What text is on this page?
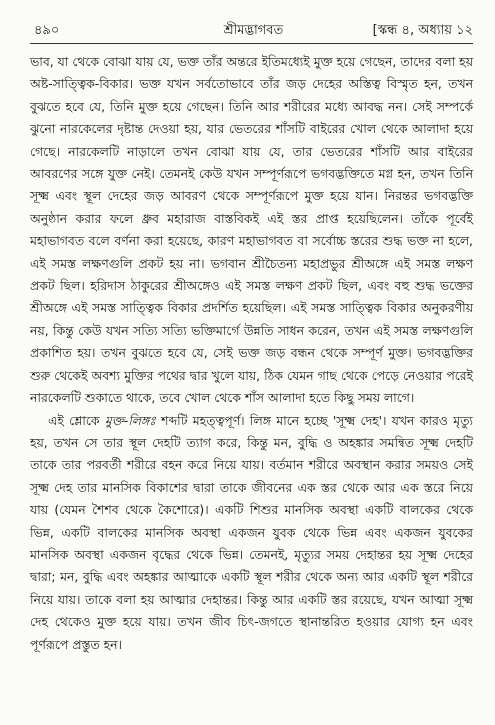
৪৯০	শ্রীমদ্ভাগবত	[স্কন্ধ ৪, অধ্যায় ১২

ভাব, যা থেকে বোঝা যায় যে, ভক্ত তাঁর অন্তরে ইতিমধ্যেই মুক্ত হয়ে গেছেন, তাদের বলা হয় অষ্ট-সাত্ত্বিক-বিকার। ভক্ত যখন সর্বতোভাবে তাঁর জড় দেহের অস্তিত্ব বিস্মৃত হন, তখন বুঝতে হবে যে, তিনি মুক্ত হয়ে গেছেন। তিনি আর শরীরের মধ্যে আবদ্ধ নন। সেই সম্পর্কে ঝুনো নারকেলের দৃষ্টান্ত দেওয়া হয়, যার ভেতরের শাঁসটি বাইরের খোল থেকে আলাদা হয়ে গেছে। নারকেলটি নাড়ালে তখন বোঝা যায় যে, তার ভেতরের শাঁসটি আর বাইরের আবরণের সঙ্গে যুক্ত নেই। তেমনই কেউ যখন সম্পূর্ণরূপে ভগবদ্ভক্তিতে মগ্ন হন, তখন তিনি সূক্ষ্ম এবং স্থূল দেহের জড় আবরণ থেকে সম্পূর্ণরূপে মুক্ত হয়ে যান। নিরন্তর ভগবদ্ভক্তি অনুষ্ঠান করার ফলে ধ্রুব মহারাজ বাস্তবিকই এই স্তর প্রাপ্ত হয়েছিলেন। তাঁকে পূর্বেই মহাভাগবত বলে বর্ণনা করা হয়েছে, কারণ মহাভাগবত বা সর্বোচ্চ স্তরের শুদ্ধ ভক্ত না হলে, এই সমস্ত লক্ষণগুলি প্রকট হয় না। ভগবান শ্রীচৈতন্য মহাপ্রভুর শ্রীঅঙ্গে এই সমস্ত লক্ষণ প্রকট ছিল। হরিদাস ঠাকুরের শ্রীঅঙ্গেও এই সমস্ত লক্ষণ প্রকট ছিল, এবং বহু শুদ্ধ ভক্তের শ্রীঅঙ্গে এই সমস্ত সাত্ত্বিক বিকার প্রদর্শিত হয়েছিল। এই সমস্ত সাত্ত্বিক বিকার অনুকরণীয় নয়, কিন্তু কেউ যখন সত্যি সত্যি ভক্তিমার্গে উন্নতি সাধন করেন, তখন এই সমস্ত লক্ষণগুলি প্রকাশিত হয়। তখন বুঝতে হবে যে, সেই ভক্ত জড় বন্ধন থেকে সম্পূর্ণ মুক্ত। ভগবদ্ভক্তির শুরু থেকেই অবশ্য মুক্তির পথের দ্বার খুলে যায়, ঠিক যেমন গাছ থেকে পেড়ে নেওয়ার পরেই নারকেলটি শুকাতে থাকে, তবে খোল থেকে শাঁস আলাদা হতে কিছু সময় লাগে।

এই শ্লোকে মুক্ত-লিঙ্গঃ শব্দটি মহত্ত্বপূর্ণ। লিঙ্গ মানে হচ্ছে 'সূক্ষ্ম দেহ'। যখন কারও মৃত্যু হয়, তখন সে তার স্থূল দেহটি ত্যাগ করে, কিন্তু মন, বুদ্ধি ও অহঙ্কার সমন্বিত সূক্ষ্ম দেহটি তাকে তার পরবর্তী শরীরে বহন করে নিয়ে যায়। বর্তমান শরীরে অবস্থান করার সময়ও সেই সূক্ষ্ম দেহ তার মানসিক বিকাশের দ্বারা তাকে জীবনের এক স্তর থেকে আর এক স্তরে নিয়ে যায় (যেমন শৈশব থেকে কৈশোরে)। একটি শিশুর মানসিক অবস্থা একটি বালকের থেকে ভিন্ন, একটি বালকের মানসিক অবস্থা একজন যুবক থেকে ভিন্ন এবং একজন যুবকের মানসিক অবস্থা একজন বৃদ্ধের থেকে ভিন্ন। তেমনই, মৃত্যুর সময় দেহান্তর হয় সূক্ষ্ম দেহের দ্বারা; মন, বুদ্ধি এবং অহঙ্কার আত্মাকে একটি স্থূল শরীর থেকে অন্য আর একটি স্থূল শরীরে নিয়ে যায়। তাকে বলা হয় আত্মার দেহান্তর। কিন্তু আর একটি স্তর রয়েছে, যখন আত্মা সূক্ষ্ম দেহ থেকেও মুক্ত হয়ে যায়। তখন জীব চিৎ-জগতে স্থানান্তরিত হওয়ার যোগ্য হন এবং পূর্ণরূপে প্রস্তুত হন।
